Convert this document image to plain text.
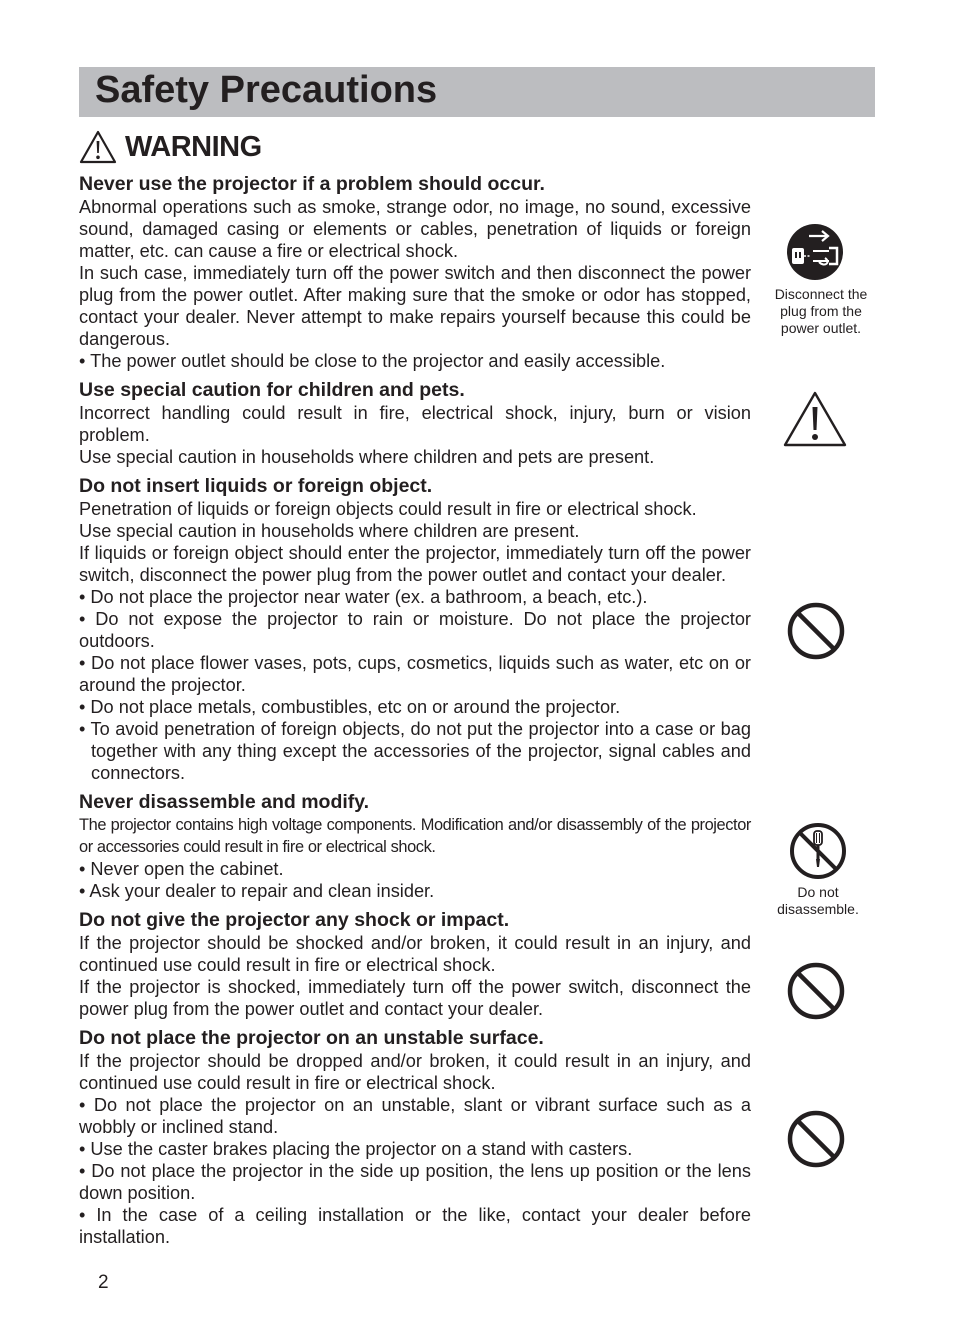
Safety Precautions
WARNING
Never use the projector if a problem should occur.

Abnormal operations such as smoke, strange odor, no image, no sound, excessive sound, damaged casing or elements or cables, penetration of liquids or foreign matter, etc. can cause a fire or electrical shock.

In such case, immediately turn off the power switch and then disconnect the power plug from the power outlet. After making sure that the smoke or odor has stopped, contact your dealer. Never attempt to make repairs yourself because this could be dangerous.

• The power outlet should be close to the projector and easily accessible.

Use special caution for children and pets.

Incorrect handling could result in fire, electrical shock, injury, burn or vision problem.

Use special caution in households where children and pets are present.

Do not insert liquids or foreign object.

Penetration of liquids or foreign objects could result in fire or electrical shock.

Use special caution in households where children are present.

If liquids or foreign object should enter the projector, immediately turn off the power switch, disconnect the power plug from the power outlet and contact your dealer.

• Do not place the projector near water (ex. a bathroom, a beach, etc.).

• Do not expose the projector to rain or moisture. Do not place the projector outdoors.

• Do not place flower vases, pots, cups, cosmetics, liquids such as water, etc on or around the projector.

• Do not place metals, combustibles, etc on or around the projector.

• To avoid penetration of foreign objects, do not put the projector into a case or bag together with any thing except the accessories of the projector, signal cables and connectors.

Never disassemble and modify.

The projector contains high voltage components. Modification and/or disassembly of the projector or accessories could result in fire or electrical shock.

• Never open the cabinet.

• Ask your dealer to repair and clean insider.

Do not give the projector any shock or impact.

If the projector should be shocked and/or broken, it could result in an injury, and continued use could result in fire or electrical shock.

If the projector is shocked, immediately turn off the power switch, disconnect the power plug from the power outlet and contact your dealer.

Do not place the projector on an unstable surface.

If the projector should be dropped and/or broken, it could result in an injury, and continued use could result in fire or electrical shock.

• Do not place the projector on an unstable, slant or vibrant surface such as a wobbly or inclined stand.

• Use the caster brakes placing the projector on a stand with casters.

• Do not place the projector in the side up position, the lens up position or the lens down position.

• In the case of a ceiling installation or the like, contact your dealer before installation.

Disconnect the plug from the power outlet.
Do not disassemble.
2
